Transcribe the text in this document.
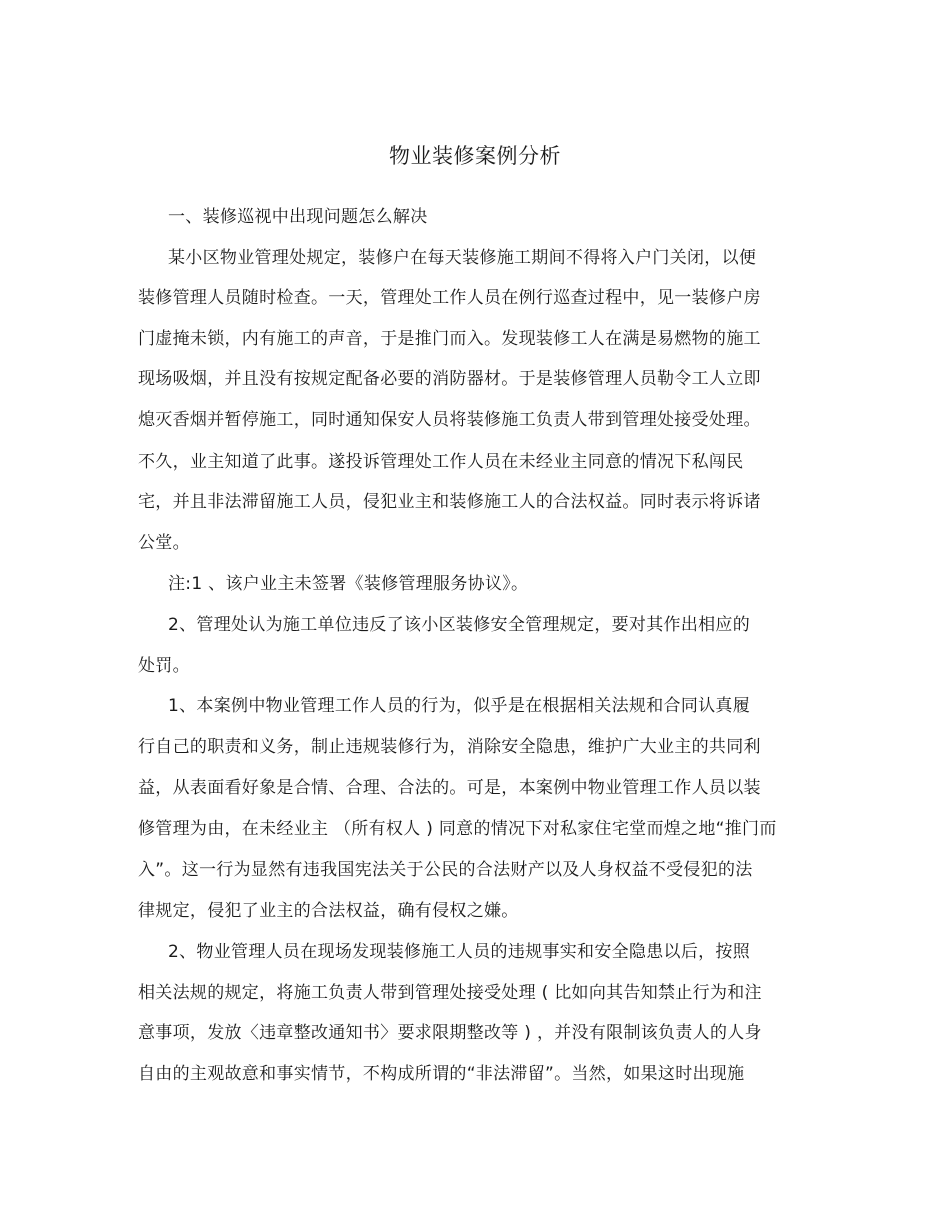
物业装修案例分析
一、装修巡视中出现问题怎么解决
某小区物业管理处规定，装修户在每天装修施工期间不得将入户门关闭，以便
装修管理人员随时检查。一天，管理处工作人员在例行巡查过程中，见一装修户房
门虚掩未锁，内有施工的声音，于是推门而入。发现装修工人在满是易燃物的施工
现场吸烟，并且没有按规定配备必要的消防器材。于是装修管理人员勒令工人立即
熄灭香烟并暂停施工，同时通知保安人员将装修施工负责人带到管理处接受处理。
不久，业主知道了此事。遂投诉管理处工作人员在未经业主同意的情况下私闯民
宅，并且非法滞留施工人员，侵犯业主和装修施工人的合法权益。同时表示将诉诸
公堂。
注:1 、该户业主未签署《装修管理服务协议》。
2、管理处认为施工单位违反了该小区装修安全管理规定，要对其作出相应的
处罚。
1、本案例中物业管理工作人员的行为，似乎是在根据相关法规和合同认真履
行自己的职责和义务，制止违规装修行为，消除安全隐患，维护广大业主的共同利
益，从表面看好象是合情、合理、合法的。可是，本案例中物业管理工作人员以装
修管理为由，在未经业主 （所有权人 ) 同意的情况下对私家住宅堂而煌之地“推门而
入”。这一行为显然有违我国宪法关于公民的合法财产以及人身权益不受侵犯的法
律规定，侵犯了业主的合法权益，确有侵权之嫌。
2、物业管理人员在现场发现装修施工人员的违规事实和安全隐患以后，按照
相关法规的规定，将施工负责人带到管理处接受处理 ( 比如向其告知禁止行为和注
意事项，发放〈违章整改通知书〉要求限期整改等 ) ，并没有限制该负责人的人身
自由的主观故意和事实情节，不构成所谓的“非法滞留”。当然，如果这时出现施
